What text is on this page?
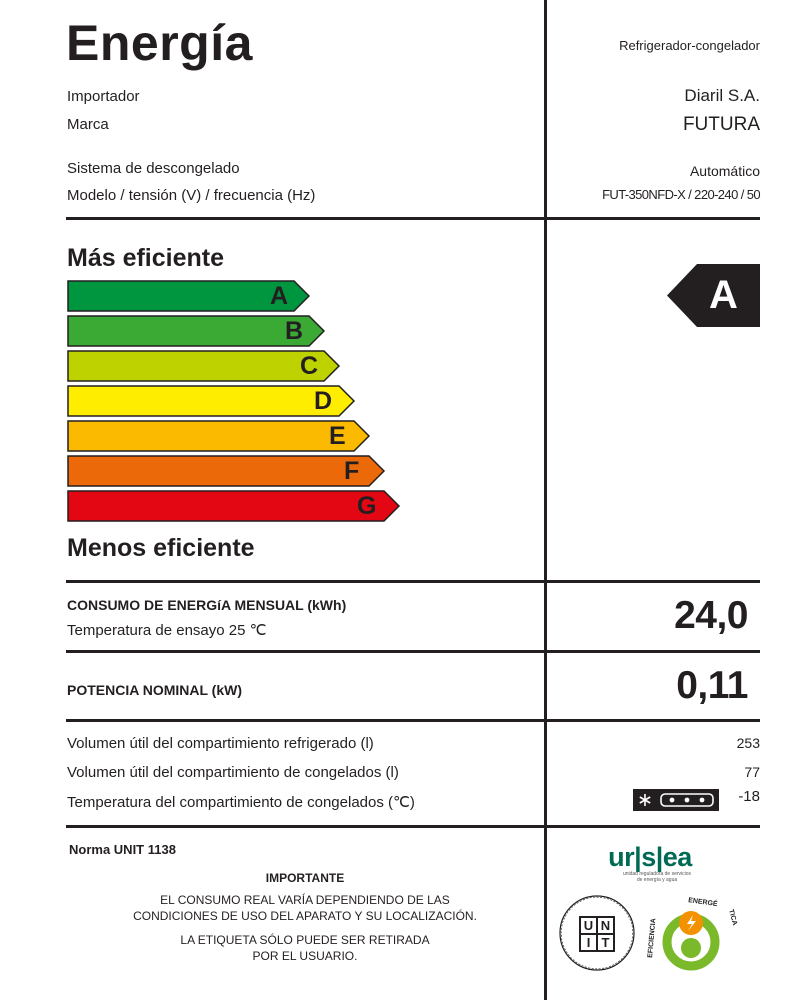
Energía	Refrigerador-congelador
Importador	Diaril S.A.
Marca	FUTURA
Sistema de descongelado	Automático
Modelo / tensión (V) / frecuencia (Hz)	FUT-350NFD-X / 220-240 / 50
Más eficiente
A
B
C
D
E
F
G
Menos eficiente
A
CONSUMO DE ENERGíA MENSUAL (kWh)
Temperatura de ensayo 25 ℃	24,0
POTENCIA NOMINAL (kW)	0,11
Volumen útil del compartimiento refrigerado (l)	253
Volumen útil del compartimiento de congelados (l)	77
Temperatura del compartimiento de congelados (℃)	-18
Norma UNIT 1138
IMPORTANTE
EL CONSUMO REAL VARÍA DEPENDIENDO DE LAS
CONDICIONES DE USO DEL APARATO Y SU LOCALIZACIÓN.
LA ETIQUETA SÓLO PUEDE SER RETIRADA
POR EL USUARIO.
ur|s|ea
unidad reguladora de servicios
de energía y agua
U N
I T	EFICIENCIA
ENERGÉ
TICA
